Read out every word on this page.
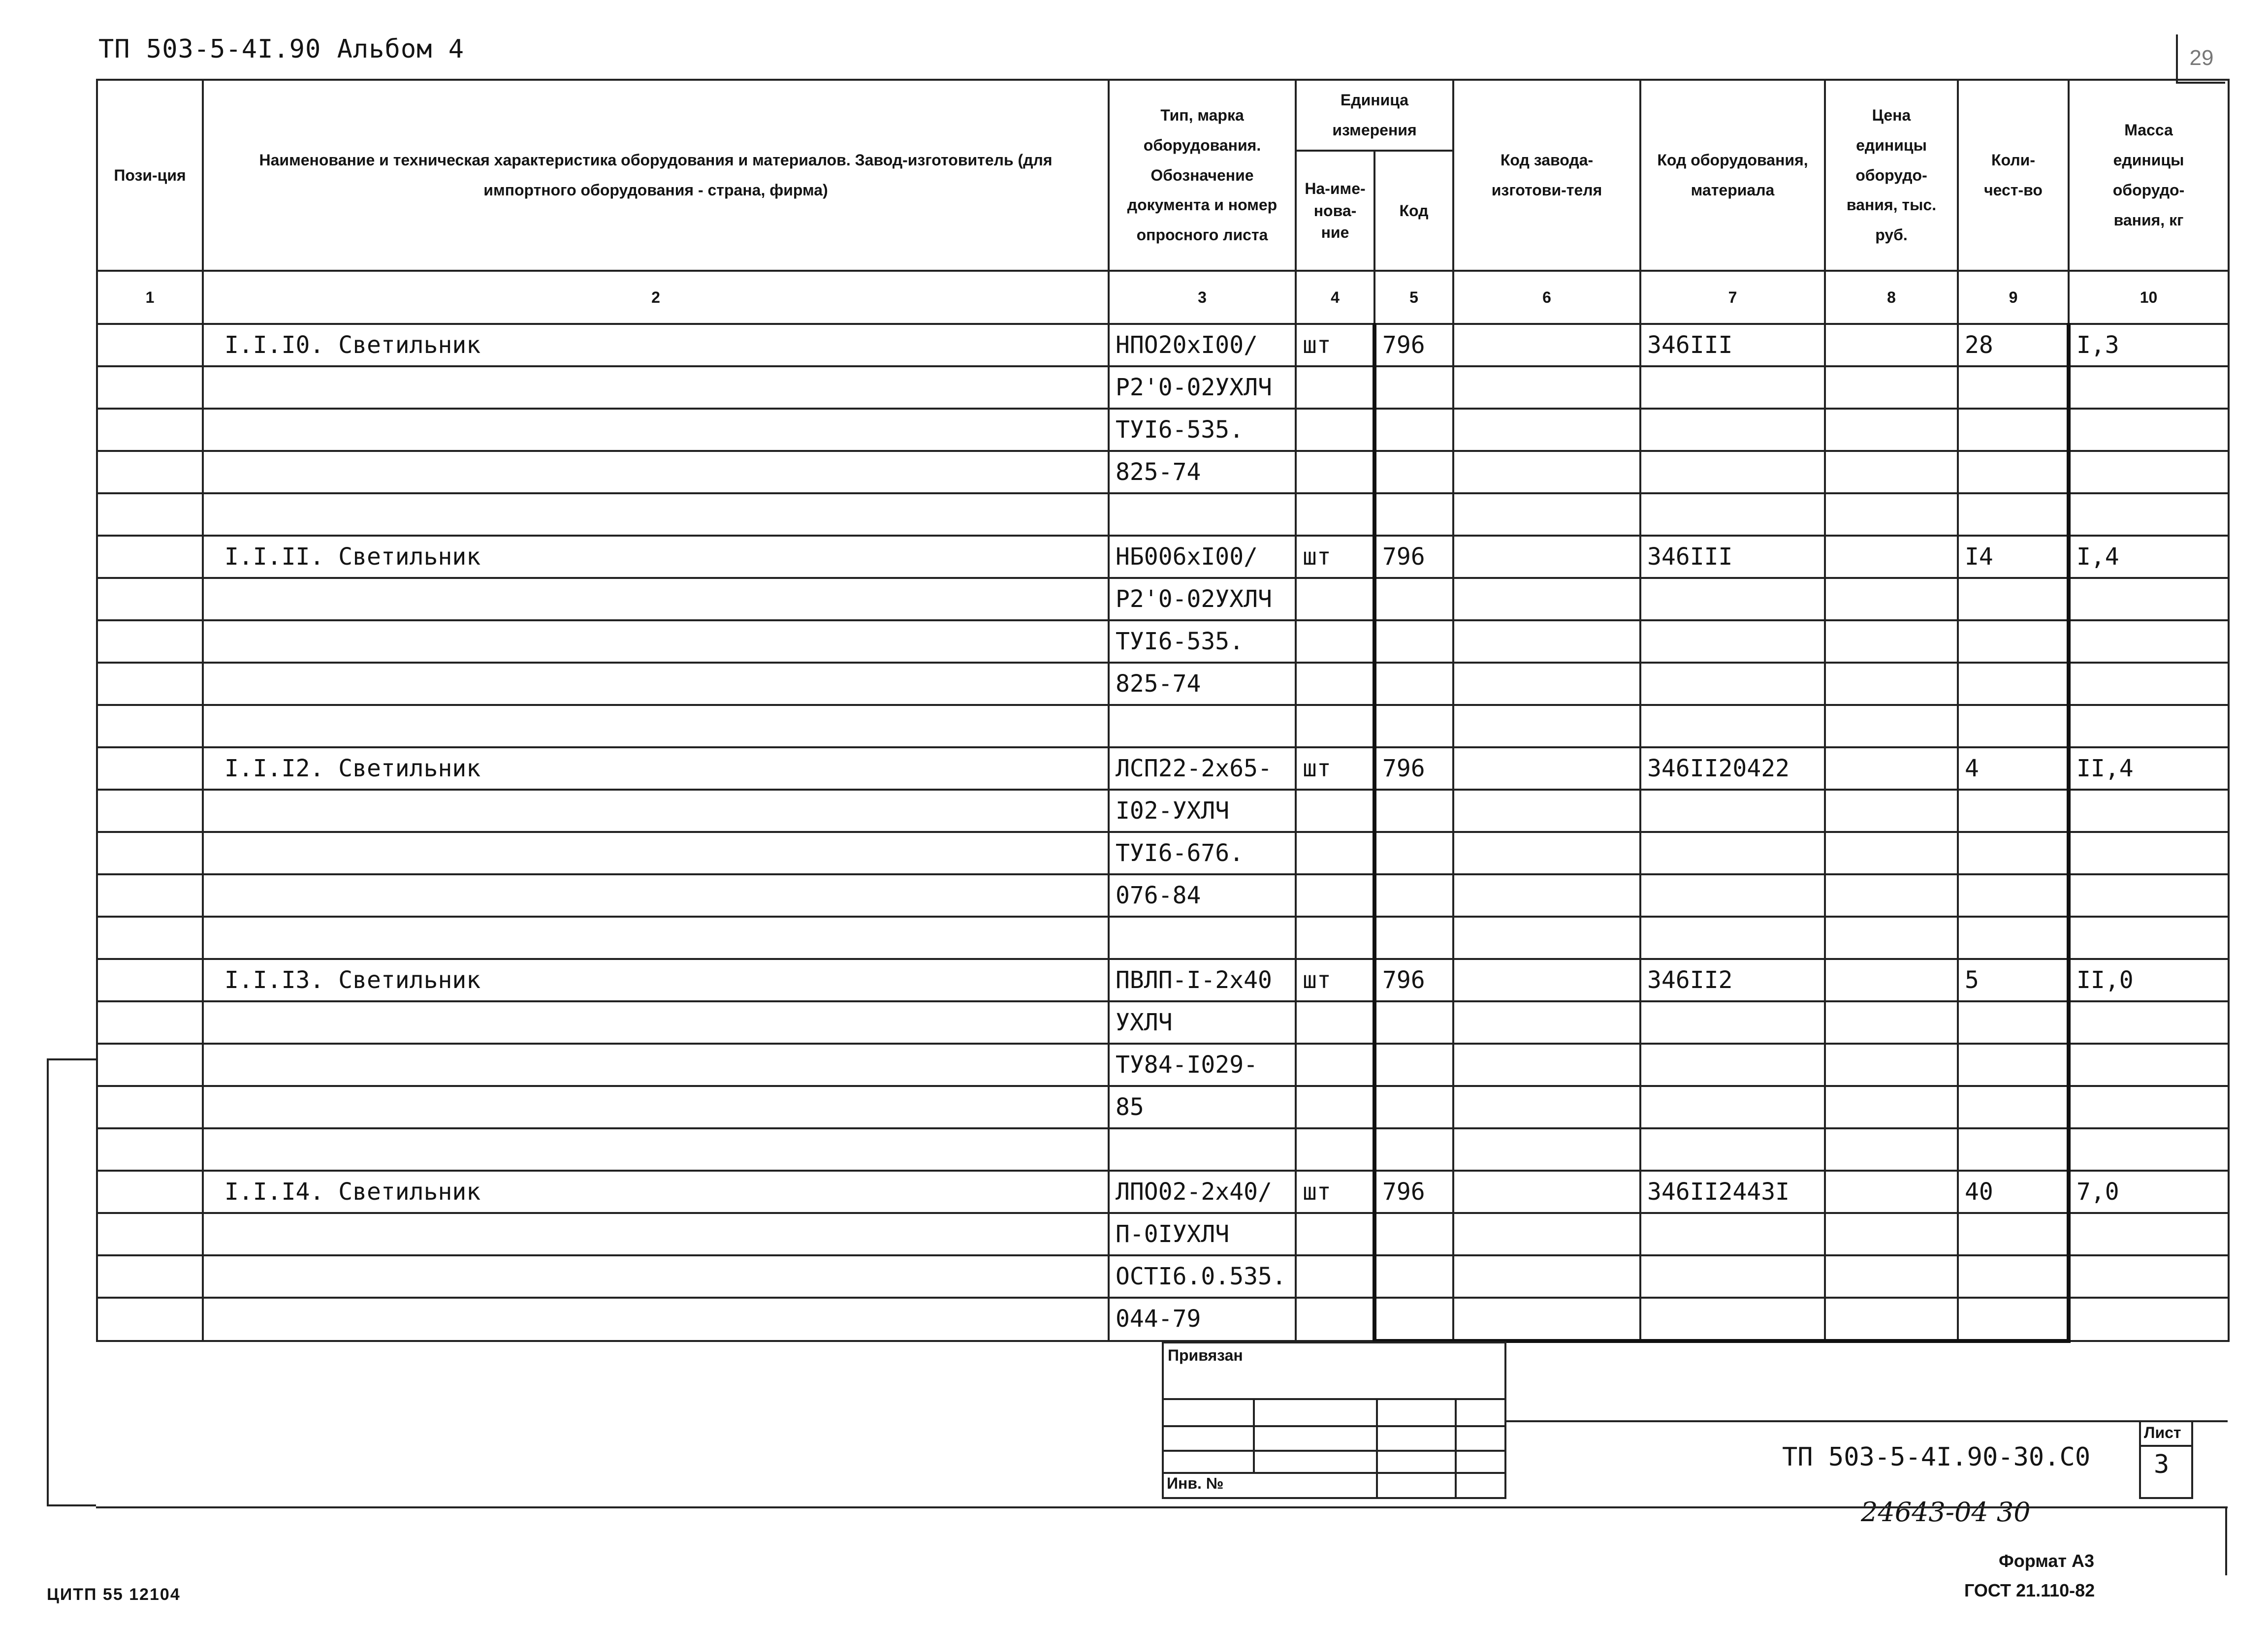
ТП 503-5-4I.90 Альбом 4	29
Пози-ция	Наименование и техническая характеристика оборудования и материалов. Завод-изготовитель (для импортного оборудования - страна, фирма)	Тип, марка оборудования. Обозначение документа и номер опросного листа	Единица измерения		Код завода-изготови-теля	Код оборудования, материала	Цена единицы оборудо-вания, тыс. руб.	Коли-чест-во	Масса единицы оборудо-вания, кг
			На-име-нова-ние	Код					
1	2	3	4	5	6	7	8	9	10
	I.I.I0. Светильник	НПО20хI00/	шт	796		346III		28	I,3
		Р2'0-02УХЛЧ							
		ТУI6-535.							
		825-74							

	I.I.II. Светильник	НБ006хI00/	шт	796		346III		I4	I,4
		Р2'0-02УХЛЧ							
		ТУI6-535.							
		825-74							

	I.I.I2. Светильник	ЛСП22-2х65-	шт	796		346II20422		4	II,4
		I02-УХЛЧ							
		ТУI6-676.							
		076-84							

	I.I.I3. Светильник	ПВЛП-I-2х40	шт	796		346II2		5	II,0
		УХЛЧ							
		ТУ84-I029-							
		85							

	I.I.I4. Светильник	ЛПО02-2х40/	шт	796		346II2443I		40	7,0
		П-0IУХЛЧ							
		ОСТI6.0.535.							
		044-79							
Привязан
Инв. №
ТП 503-5-4I.90-30.С0
Лист
3
24643-04 30
Формат А3
ГОСТ 21.110-82
ЦИТП 55 12104
